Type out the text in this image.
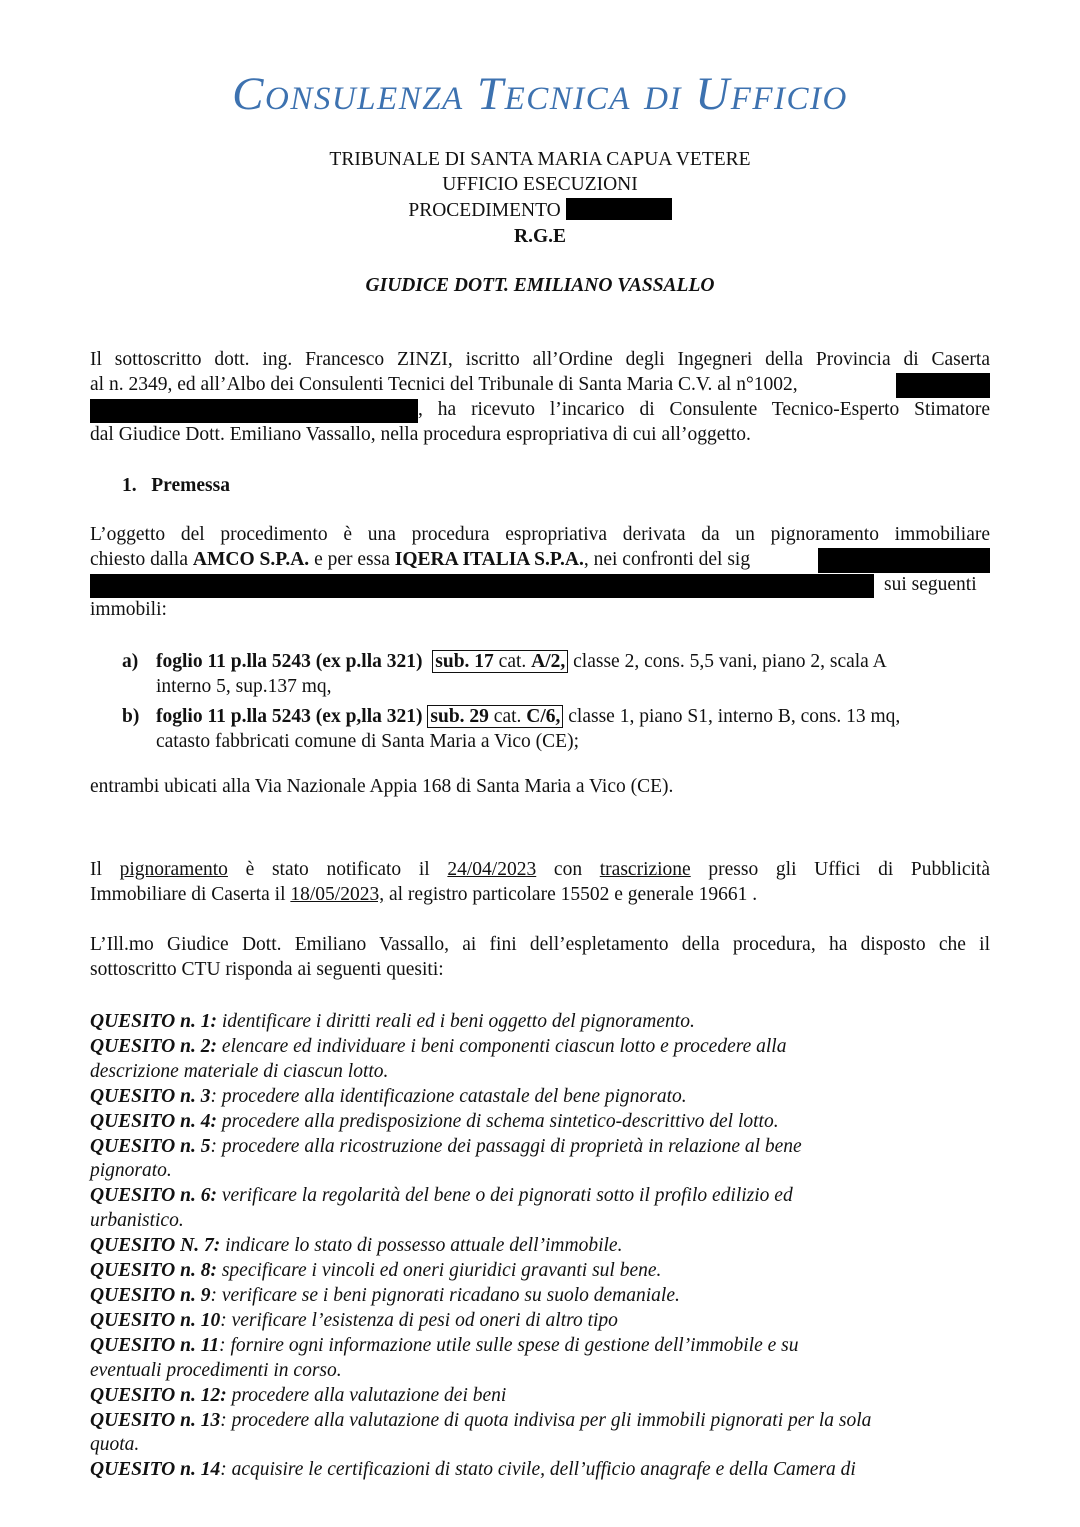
Consulenza Tecnica di Ufficio
TRIBUNALE DI SANTA MARIA CAPUA VETERE
UFFICIO ESECUZIONI
PROCEDIMENTO
R.G.E
GIUDICE DOTT. EMILIANO VASSALLO

Il sottoscritto dott. ing. Francesco ZINZI, iscritto all’Ordine degli Ingegneri della Provincia di Caserta

al n. 2349, ed all’Albo dei Consulenti Tecnici del Tribunale di Santa Maria C.V. al n°1002,

, ha ricevuto l’incarico di Consulente Tecnico-Esperto Stimatore
dal Giudice Dott. Emiliano Vassallo, nella procedura espropriativa di cui all’oggetto.
1.   Premessa
L’oggetto del procedimento è una procedura espropriativa derivata da un pignoramento immobiliare
chiesto dalla AMCO S.P.A. e per essa IQERA ITALIA S.P.A., nei confronti del sig
sui seguenti
immobili:
a) foglio 11 p.lla 5243 (ex p.lla 321) sub. 17 cat. A/2, classe 2, cons. 5,5 vani, piano 2, scala A
interno 5, sup.137 mq,
b) foglio 11 p.lla 5243 (ex p,lla 321) sub. 29 cat. C/6, classe 1, piano S1, interno B, cons. 13 mq,
catasto fabbricati comune di Santa Maria a Vico (CE);
entrambi ubicati alla Via Nazionale Appia 168 di Santa Maria a Vico (CE).
Il pignoramento è stato notificato il 24/04/2023 con trascrizione presso gli Uffici di Pubblicità
Immobiliare di Caserta il 18/05/2023, al registro particolare 15502 e generale 19661 .
L’Ill.mo Giudice Dott. Emiliano Vassallo, ai fini dell’espletamento della procedura, ha disposto che il
sottoscritto CTU risponda ai seguenti quesiti:
QUESITO n. 1: identificare i diritti reali ed i beni oggetto del pignoramento.
QUESITO n. 2: elencare ed individuare i beni componenti ciascun lotto e procedere alla
descrizione materiale di ciascun lotto.
QUESITO n. 3: procedere alla identificazione catastale del bene pignorato.
QUESITO n. 4: procedere alla predisposizione di schema sintetico-descrittivo del lotto.
QUESITO n. 5: procedere alla ricostruzione dei passaggi di proprietà in relazione al bene
pignorato.
QUESITO n. 6: verificare la regolarità del bene o dei pignorati sotto il profilo edilizio ed
urbanistico.
QUESITO N. 7: indicare lo stato di possesso attuale dell’immobile.
QUESITO n. 8: specificare i vincoli ed oneri giuridici gravanti sul bene.
QUESITO n. 9: verificare se i beni pignorati ricadano su suolo demaniale.
QUESITO n. 10: verificare l’esistenza di pesi od oneri di altro tipo
QUESITO n. 11: fornire ogni informazione utile sulle spese di gestione dell’immobile e su
eventuali procedimenti in corso.
QUESITO n. 12: procedere alla valutazione dei beni
QUESITO n. 13: procedere alla valutazione di quota indivisa per gli immobili pignorati per la sola
quota.
QUESITO n. 14: acquisire le certificazioni di stato civile, dell’ufficio anagrafe e della Camera di
